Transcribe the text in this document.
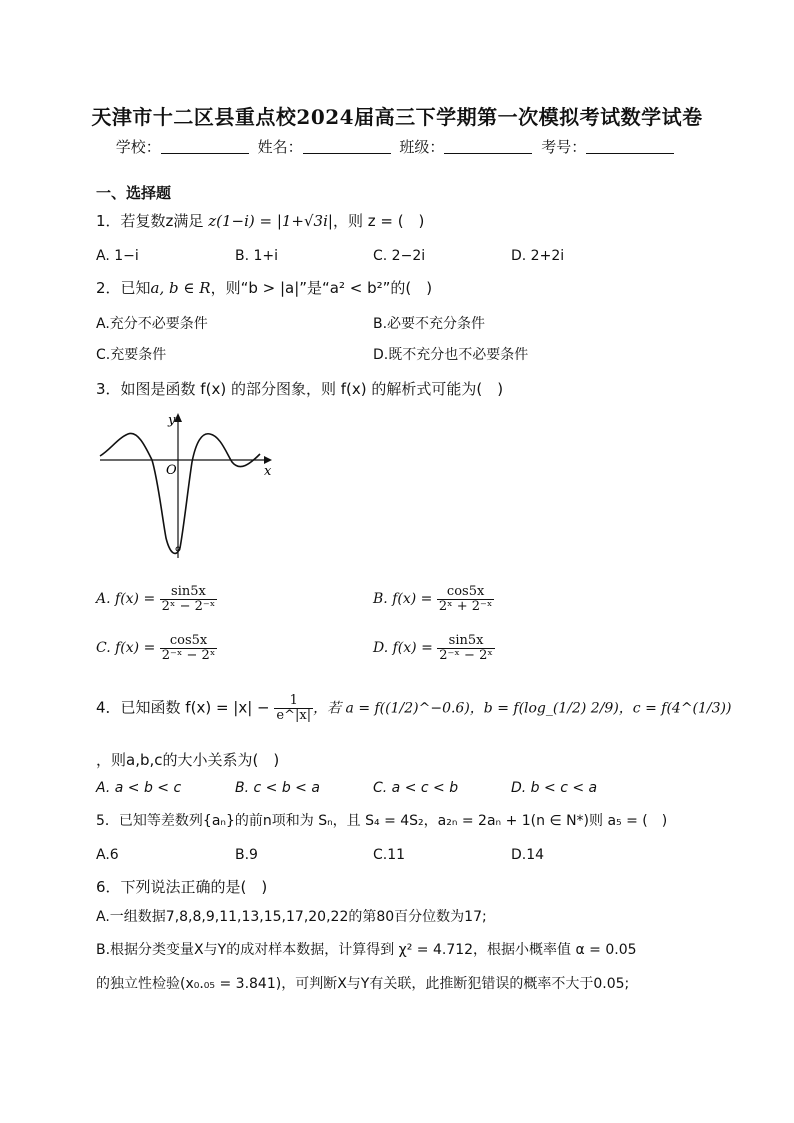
天津市十二区县重点校2024届高三下学期第一次模拟考试数学试卷
学校：	姓名：	班级：	考号：
一、选择题
1．若复数z满足 z(1−i) = |1+√3i|，则 z = (　)
A. 1−i	B. 1+i	C. 2−2i	D. 2+2i
2．已知a, b ∈ R，则“b > |a|”是“a² < b²”的(　)
A.充分不必要条件	B.必要不充分条件
C.充要条件	D.既不充分也不必要条件
3．如图是函数 f(x) 的部分图象，则 f(x) 的解析式可能为(　)
y
x
O
A. $f(x) = \frac{\sin 5x}{\text{2ˣ − 2⁻ˣ}}$	B. $f(x) = \frac{\cos 5x}{\text{2ˣ + 2⁻ˣ}}$
C. $f(x) = \frac{\cos 5x}{\text{2⁻ˣ − 2ˣ}}$	D. $f(x) = \frac{\sin 5x}{\text{2⁻ˣ − 2ˣ}}$
4．已知函数 $f(x) = |x| - \frac{1}{e\^{}|x|}$ ，若 a = f((1/2)^−0.6)，b = f(log_(1/2) 2/9)，c = f(4^(1/3))
，则a,b,c的大小关系为(　)
A. a < b < c	B. c < b < a	C. a < c < b	D. b < c < a
5．已知等差数列{aₙ}的前n项和为 Sₙ，且 S₄ = 4S₂，a₂ₙ = 2aₙ + 1(n ∈ N*)则 a₅ = (　)
A.6	B.9	C.11	D.14
6．下列说法正确的是(　)
A.一组数据7,8,8,9,11,13,15,17,20,22的第80百分位数为17;
B.根据分类变量X与Y的成对样本数据，计算得到 χ² = 4.712，根据小概率值 α = 0.05
的独立性检验(x₀.₀₅ = 3.841)，可判断X与Y有关联，此推断犯错误的概率不大于0.05;
